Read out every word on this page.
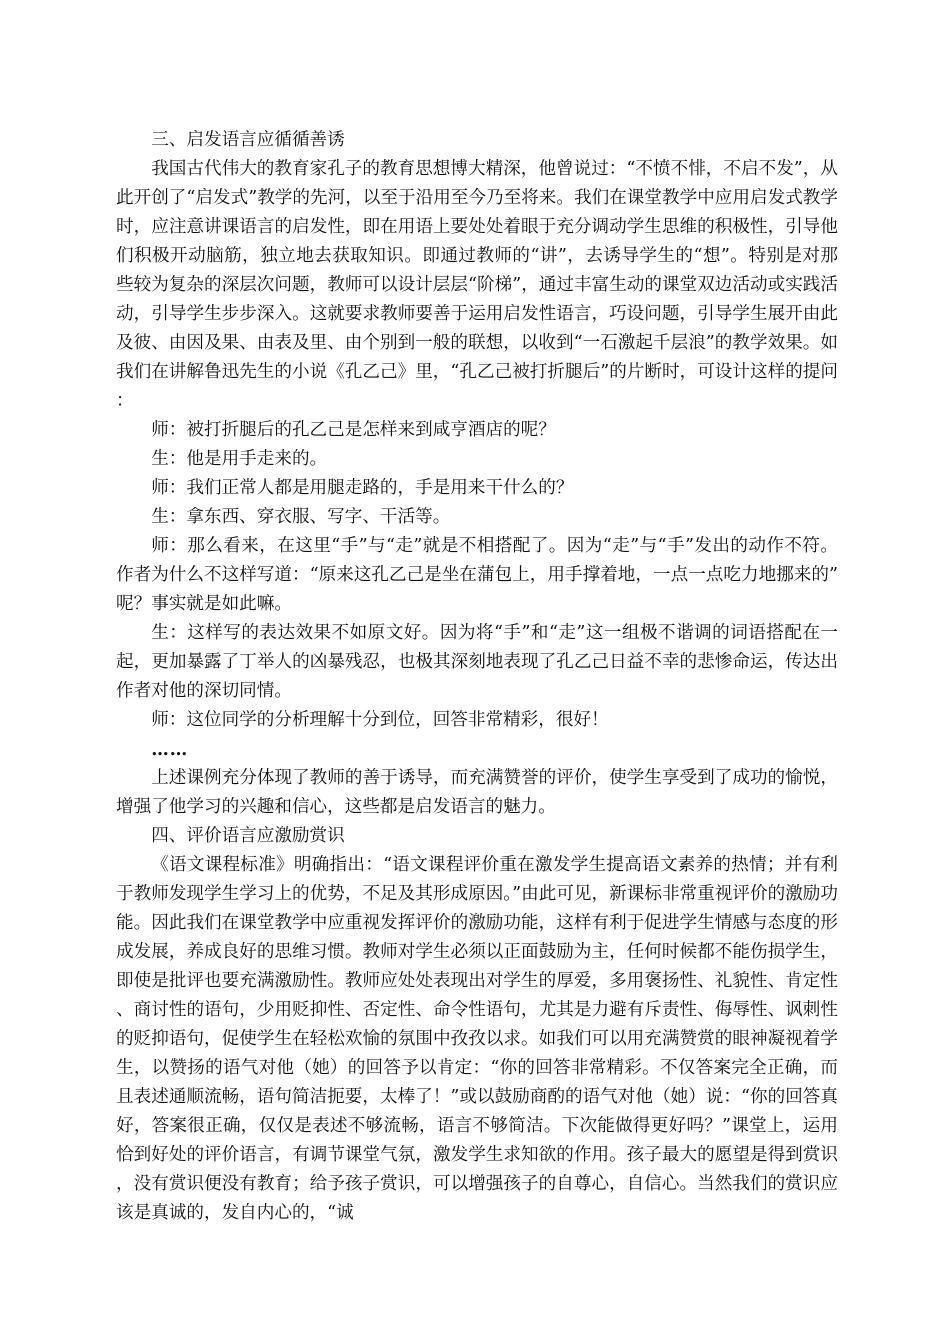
三、启发语言应循循善诱

我国古代伟大的教育家孔子的教育思想博大精深，他曾说过：“不愤不悱，不启不发”，从此开创了“启发式”教学的先河，以至于沿用至今乃至将来。我们在课堂教学中应用启发式教学时，应注意讲课语言的启发性，即在用语上要处处着眼于充分调动学生思维的积极性，引导他们积极开动脑筋，独立地去获取知识。即通过教师的“讲”，去诱导学生的“想”。特别是对那些较为复杂的深层次问题，教师可以设计层层“阶梯”，通过丰富生动的课堂双边活动或实践活动，引导学生步步深入。这就要求教师要善于运用启发性语言，巧设问题，引导学生展开由此及彼、由因及果、由表及里、由个别到一般的联想，以收到“一石激起千层浪”的教学效果。如我们在讲解鲁迅先生的小说《孔乙己》里，“孔乙己被打折腿后”的片断时，可设计这样的提问：

师：被打折腿后的孔乙己是怎样来到咸亨酒店的呢？

生：他是用手走来的。

师：我们正常人都是用腿走路的，手是用来干什么的？

生：拿东西、穿衣服、写字、干活等。

师：那么看来，在这里“手”与“走”就是不相搭配了。因为“走”与“手”发出的动作不符。作者为什么不这样写道：“原来这孔乙己是坐在蒲包上，用手撑着地，一点一点吃力地挪来的”呢？事实就是如此嘛。

生：这样写的表达效果不如原文好。因为将“手”和“走”这一组极不谐调的词语搭配在一起，更加暴露了丁举人的凶暴残忍，也极其深刻地表现了孔乙己日益不幸的悲惨命运，传达出作者对他的深切同情。

师：这位同学的分析理解十分到位，回答非常精彩，很好！

……

上述课例充分体现了教师的善于诱导，而充满赞誉的评价，使学生享受到了成功的愉悦，增强了他学习的兴趣和信心，这些都是启发语言的魅力。

四、评价语言应激励赏识

《语文课程标准》明确指出：“语文课程评价重在激发学生提高语文素养的热情；并有利于教师发现学生学习上的优势，不足及其形成原因。”由此可见，新课标非常重视评价的激励功能。因此我们在课堂教学中应重视发挥评价的激励功能，这样有利于促进学生情感与态度的形成发展，养成良好的思维习惯。教师对学生必须以正面鼓励为主，任何时候都不能伤损学生，即使是批评也要充满激励性。教师应处处表现出对学生的厚爱，多用褒扬性、礼貌性、肯定性、商讨性的语句，少用贬抑性、否定性、命令性语句，尤其是力避有斥责性、侮辱性、讽刺性的贬抑语句，促使学生在轻松欢愉的氛围中孜孜以求。如我们可以用充满赞赏的眼神凝视着学生，以赞扬的语气对他（她）的回答予以肯定：“你的回答非常精彩。不仅答案完全正确，而且表述通顺流畅，语句简洁扼要，太棒了！”或以鼓励商酌的语气对他（她）说：“你的回答真好，答案很正确，仅仅是表述不够流畅，语言不够简洁。下次能做得更好吗？”课堂上，运用恰到好处的评价语言，有调节课堂气氛，激发学生求知欲的作用。孩子最大的愿望是得到赏识，没有赏识便没有教育；给予孩子赏识，可以增强孩子的自尊心，自信心。当然我们的赏识应该是真诚的，发自内心的，“诚
